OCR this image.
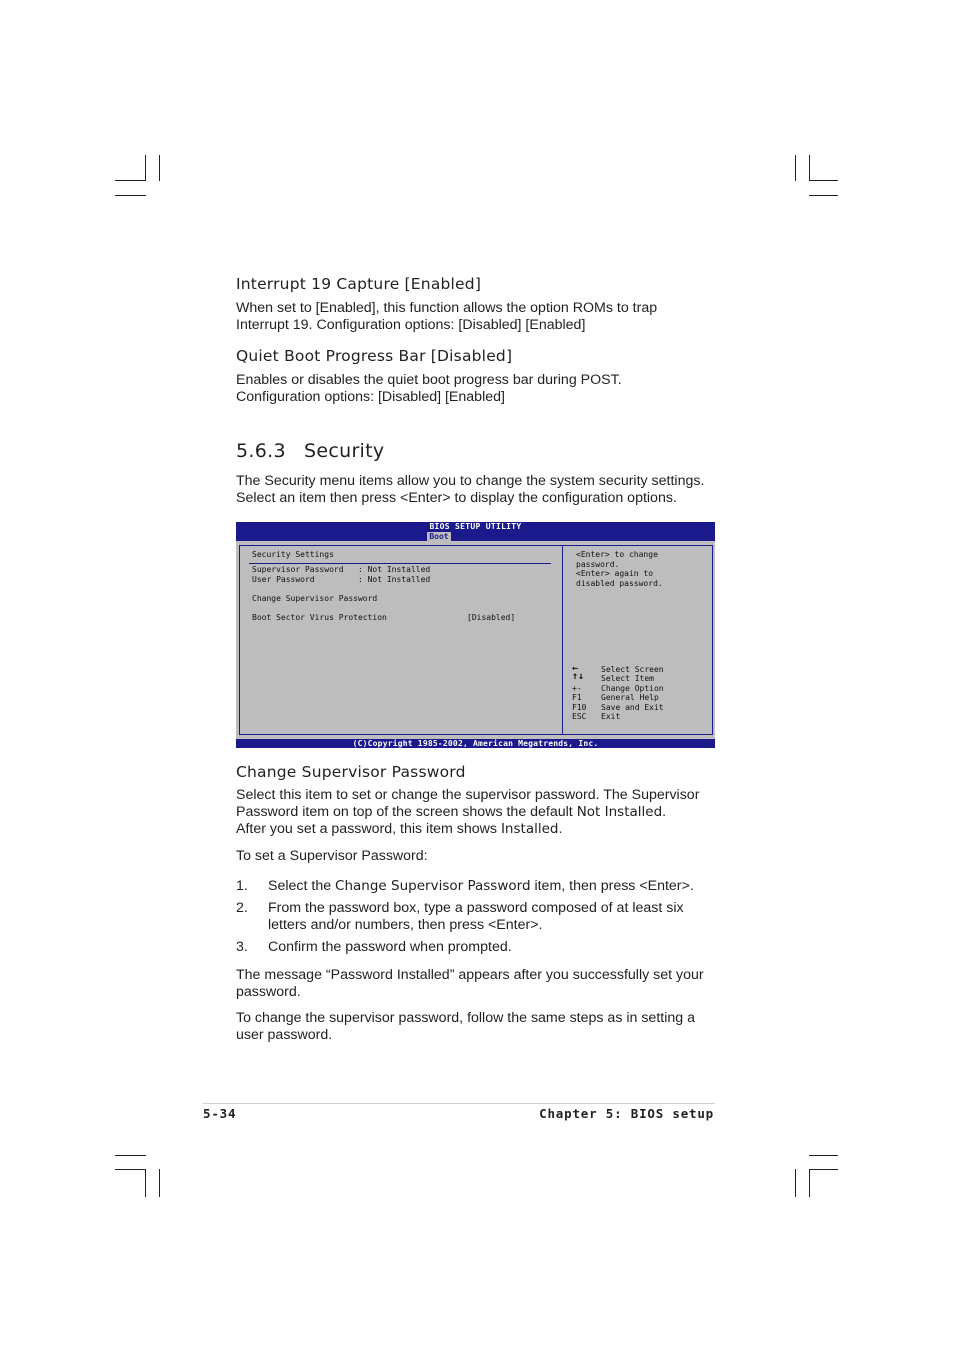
Interrupt 19 Capture [Enabled]

When set to [Enabled], this function allows the option ROMs to trap
Interrupt 19. Configuration options: [Disabled] [Enabled]

Quiet Boot Progress Bar [Disabled]

Enables or disables the quiet boot progress bar during POST.
Configuration options: [Disabled] [Enabled]

5.6.3 Security

The Security menu items allow you to change the system security settings.
Select an item then press <Enter> to display the configuration options.

BIOS SETUP UTILITY
Boot
Security Settings
Supervisor Password   : Not Installed
User Password         : Not Installed
Change Supervisor Password
Boot Sector Virus Protection	[Disabled]
<Enter> to change
password.
<Enter> again to
disabled password.
←	Select Screen
↑↓ Select Item
+- Change Option
F1 General Help
F10 Save and Exit
ESC Exit
(C)Copyright 1985-2002, American Megatrends, Inc.
Change Supervisor Password

Select this item to set or change the supervisor password. The Supervisor
Password item on top of the screen shows the default Not Installed.
After you set a password, this item shows Installed.

To set a Supervisor Password:

1. Select the Change Supervisor Password item, then press <Enter>.
2. From the password box, type a password composed of at least six
letters and/or numbers, then press <Enter>.
3. Confirm the password when prompted.

The message “Password Installed” appears after you successfully set your
password.

To change the supervisor password, follow the same steps as in setting a
user password.

5-34	Chapter 5: BIOS setup
